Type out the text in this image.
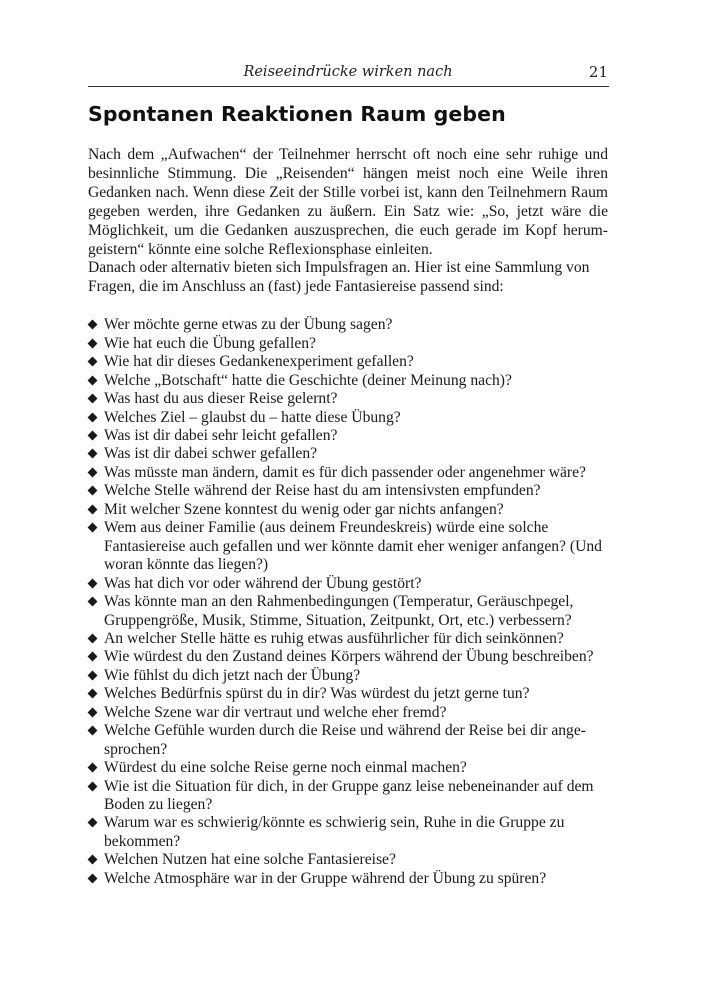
Reiseeindrücke wirken nach	21
Spontanen Reaktionen Raum geben

Nach dem „Aufwachen“ der Teilnehmer herrscht oft noch eine sehr ruhige und besinnliche Stimmung. Die „Reisenden“ hängen meist noch eine Weile ihren Gedanken nach. Wenn diese Zeit der Stille vorbei ist, kann den Teilnehmern Raum gegeben werden, ihre Gedanken zu äußern. Ein Satz wie: „So, jetzt wäre die Möglichkeit, um die Gedanken auszusprechen, die euch gerade im Kopf herumgeistern“ könnte eine solche Reflexionsphase einleiten.

Danach oder alternativ bieten sich Impulsfragen an. Hier ist eine Sammlung von Fragen, die im Anschluss an (fast) jede Fantasiereise passend sind:

Wer möchte gerne etwas zu der Übung sagen?
Wie hat euch die Übung gefallen?
Wie hat dir dieses Gedankenexperiment gefallen?
Welche „Botschaft“ hatte die Geschichte (deiner Meinung nach)?
Was hast du aus dieser Reise gelernt?
Welches Ziel – glaubst du – hatte diese Übung?
Was ist dir dabei sehr leicht gefallen?
Was ist dir dabei schwer gefallen?
Was müsste man ändern, damit es für dich passender oder angenehmer wäre?
Welche Stelle während der Reise hast du am intensivsten empfunden?
Mit welcher Szene konntest du wenig oder gar nichts anfangen?
Wem aus deiner Familie (aus deinem Freundeskreis) würde eine solche Fantasiereise auch gefallen und wer könnte damit eher weniger anfangen? (Und woran könnte das liegen?)
Was hat dich vor oder während der Übung gestört?
Was könnte man an den Rahmenbedingungen (Temperatur, Geräuschpegel, Gruppengröße, Musik, Stimme, Situation, Zeitpunkt, Ort, etc.) verbessern?
An welcher Stelle hätte es ruhig etwas ausführlicher für dich seinkönnen?
Wie würdest du den Zustand deines Körpers während der Übung beschreiben?
Wie fühlst du dich jetzt nach der Übung?
Welches Bedürfnis spürst du in dir? Was würdest du jetzt gerne tun?
Welche Szene war dir vertraut und welche eher fremd?
Welche Gefühle wurden durch die Reise und während der Reise bei dir angesprochen?
Würdest du eine solche Reise gerne noch einmal machen?
Wie ist die Situation für dich, in der Gruppe ganz leise nebeneinander auf dem Boden zu liegen?
Warum war es schwierig/könnte es schwierig sein, Ruhe in die Gruppe zu bekommen?
Welchen Nutzen hat eine solche Fantasiereise?
Welche Atmosphäre war in der Gruppe während der Übung zu spüren?
